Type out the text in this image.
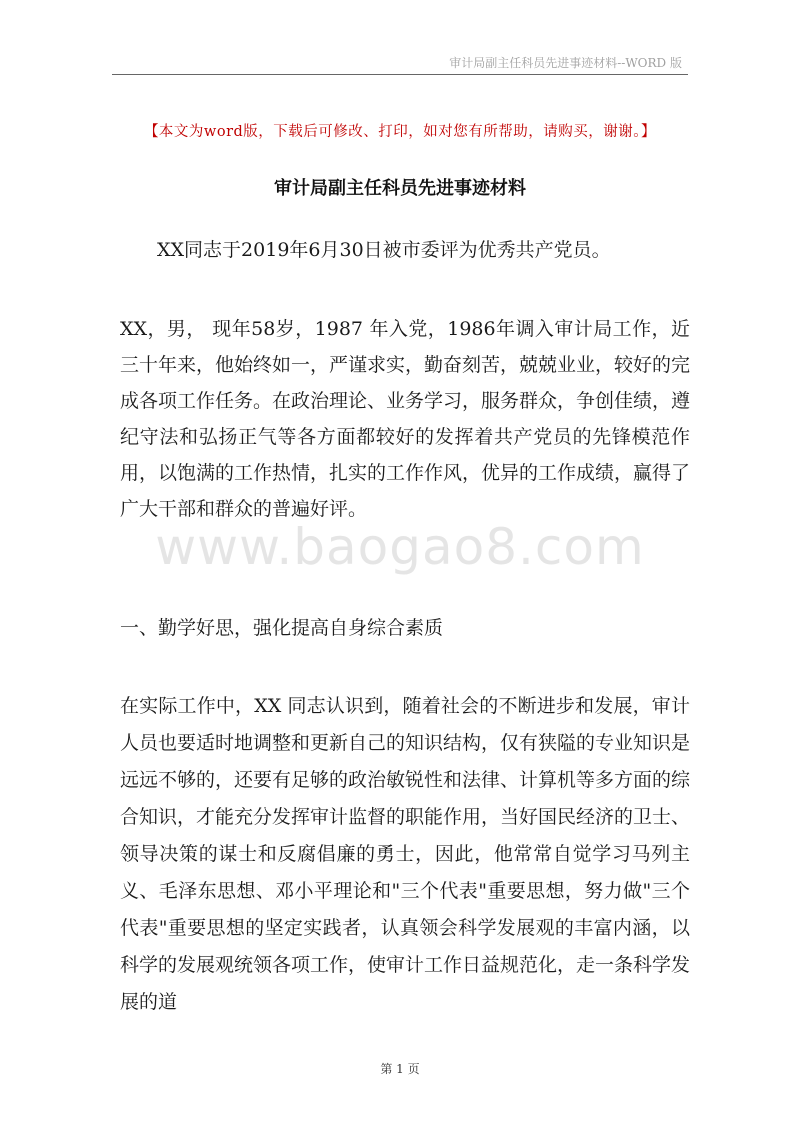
审计局副主任科员先进事迹材料--WORD 版
【本文为word版，下载后可修改、打印，如对您有所帮助，请购买，谢谢。】
审计局副主任科员先进事迹材料
XX同志于2019年6月30日被市委评为优秀共产党员。
XX，男， 现年58岁，1987 年入党，1986年调入审计局工作，近三十年来，他始终如一，严谨求实，勤奋刻苦，兢兢业业，较好的完成各项工作任务。在政治理论、业务学习，服务群众，争创佳绩，遵纪守法和弘扬正气等各方面都较好的发挥着共产党员的先锋模范作用，以饱满的工作热情，扎实的工作作风，优异的工作成绩，赢得了广大干部和群众的普遍好评。
www.baogao8.com
一、勤学好思，强化提高自身综合素质
在实际工作中，XX 同志认识到，随着社会的不断进步和发展，审计人员也要适时地调整和更新自己的知识结构，仅有狭隘的专业知识是远远不够的，还要有足够的政治敏锐性和法律、计算机等多方面的综合知识，才能充分发挥审计监督的职能作用，当好国民经济的卫士、领导决策的谋士和反腐倡廉的勇士，因此，他常常自觉学习马列主义、毛泽东思想、邓小平理论和"三个代表"重要思想，努力做"三个代表"重要思想的坚定实践者，认真领会科学发展观的丰富内涵，以科学的发展观统领各项工作，使审计工作日益规范化，走一条科学发展的道
第 1 页
